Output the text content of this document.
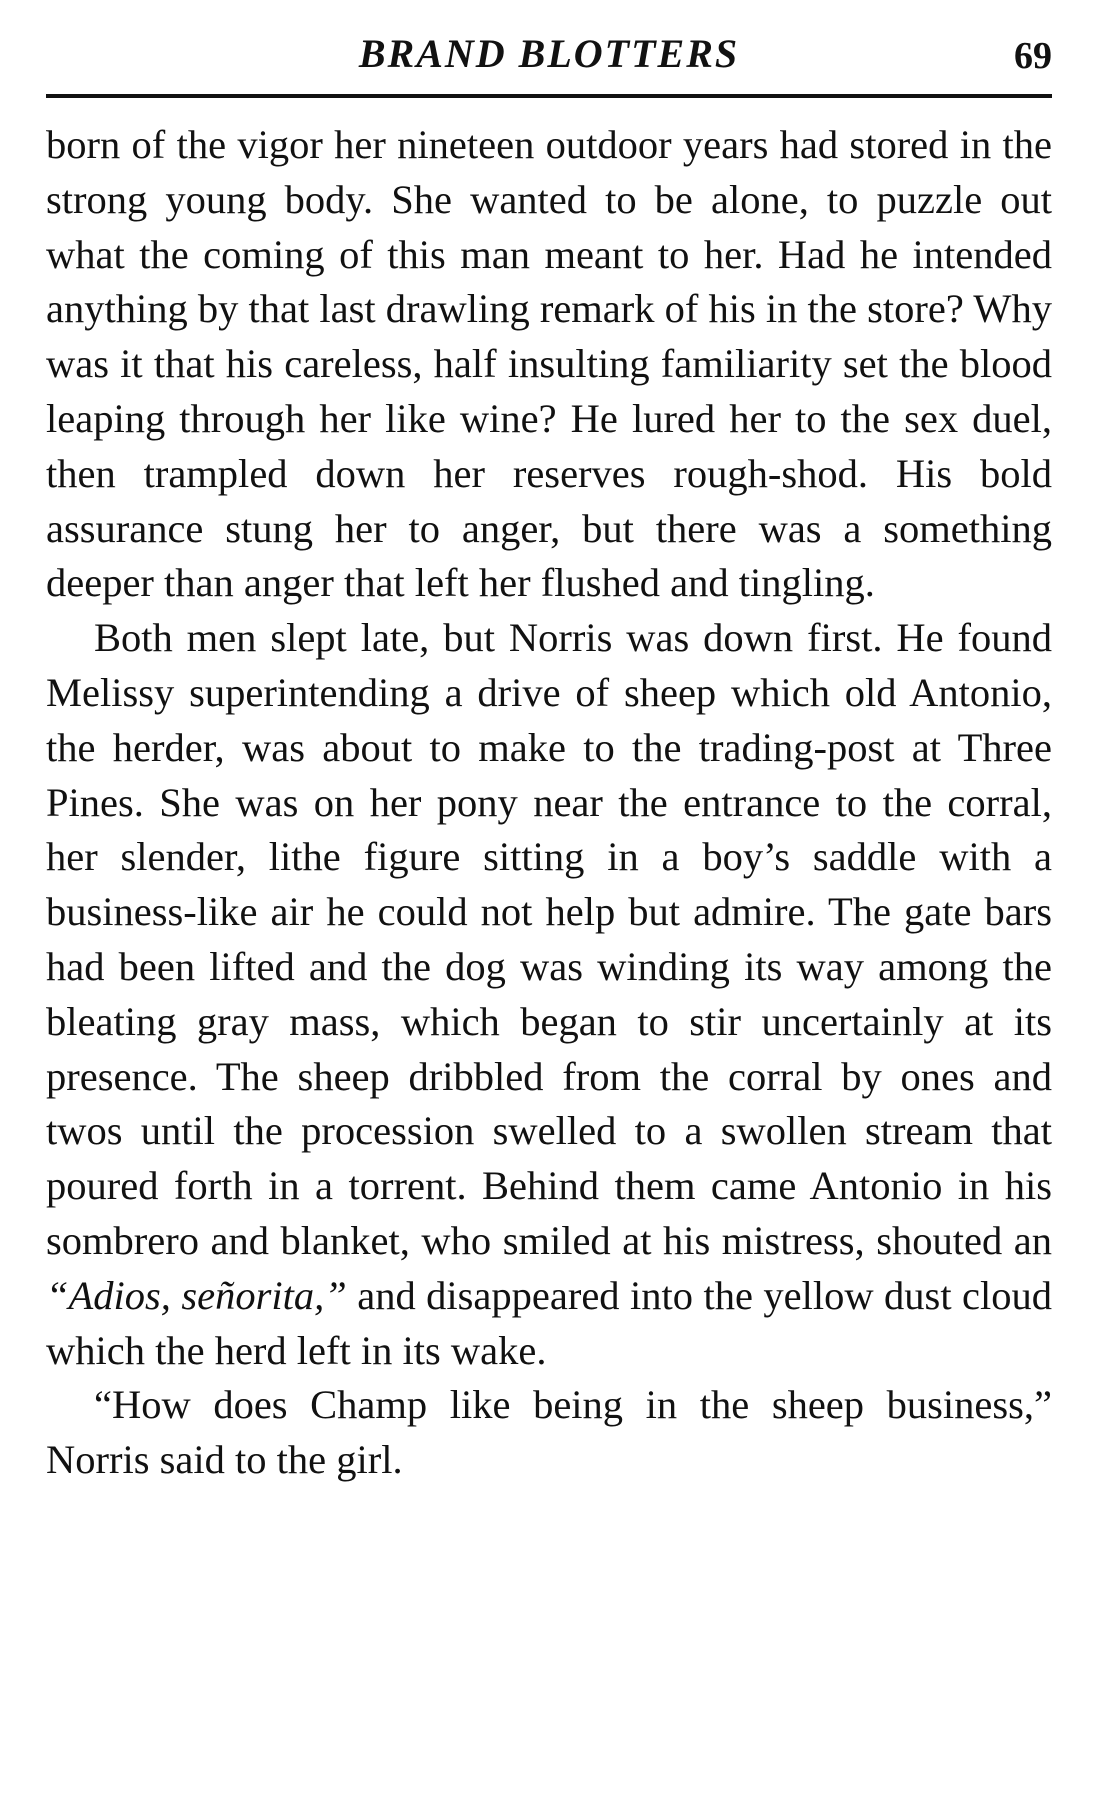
BRAND BLOTTERS	69

born of the vigor her nineteen outdoor years had stored in the strong young body. She wanted to be alone, to puzzle out what the coming of this man meant to her. Had he intended anything by that last drawling remark of his in the store? Why was it that his careless, half insulting familiarity set the blood leaping through her like wine? He lured her to the sex duel, then trampled down her reserves rough-shod. His bold assurance stung her to anger, but there was a something deeper than anger that left her flushed and tingling.

Both men slept late, but Norris was down first. He found Melissy superintending a drive of sheep which old Antonio, the herder, was about to make to the trading-post at Three Pines. She was on her pony near the entrance to the corral, her slender, lithe figure sitting in a boy’s saddle with a business-like air he could not help but admire. The gate bars had been lifted and the dog was winding its way among the bleating gray mass, which began to stir uncertainly at its presence. The sheep dribbled from the corral by ones and twos until the procession swelled to a swollen stream that poured forth in a torrent. Behind them came Antonio in his sombrero and blanket, who smiled at his mistress, shouted an “Adios, señorita,” and disappeared into the yellow dust cloud which the herd left in its wake.

“How does Champ like being in the sheep business,” Norris said to the girl.
